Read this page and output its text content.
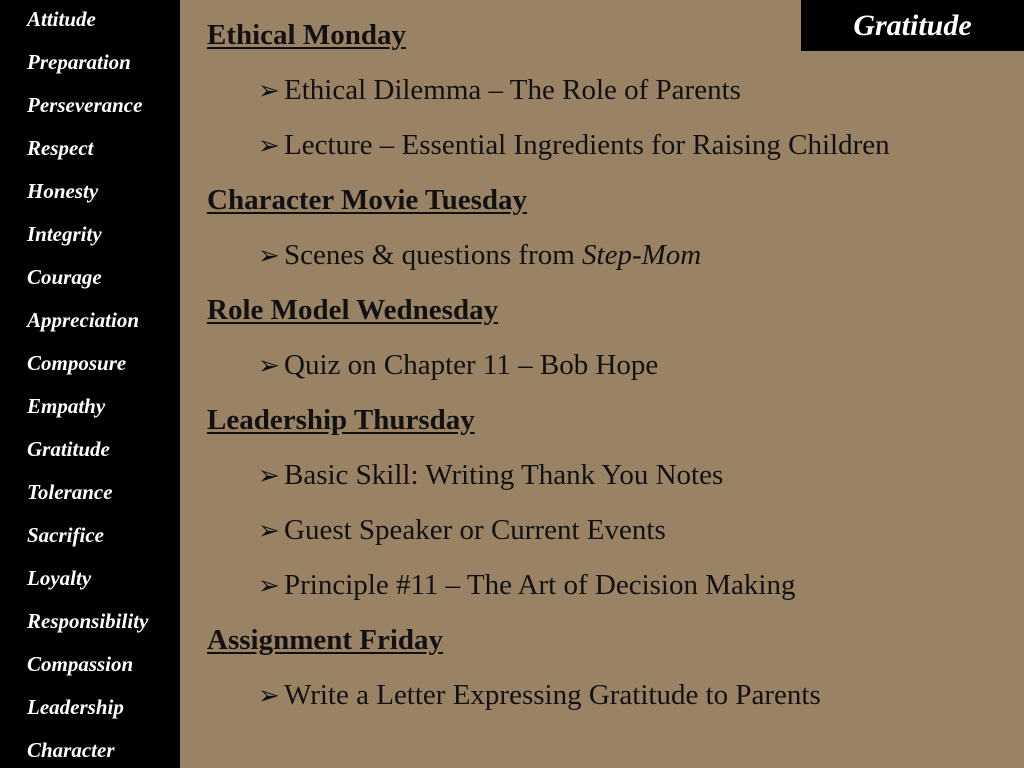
Attitude
Preparation
Perseverance
Respect
Honesty
Integrity
Courage
Appreciation
Composure
Empathy
Gratitude
Tolerance
Sacrifice
Loyalty
Responsibility
Compassion
Leadership
Character
Gratitude
Ethical Monday
➢ Ethical Dilemma – The Role of Parents
➢ Lecture – Essential Ingredients for Raising Children
Character Movie Tuesday
➢ Scenes & questions from Step-Mom
Role Model Wednesday
➢ Quiz on Chapter 11 – Bob Hope
Leadership Thursday
➢ Basic Skill: Writing Thank You Notes
➢ Guest Speaker or Current Events
➢ Principle #11 – The Art of Decision Making
Assignment Friday
➢ Write a Letter Expressing Gratitude to Parents
